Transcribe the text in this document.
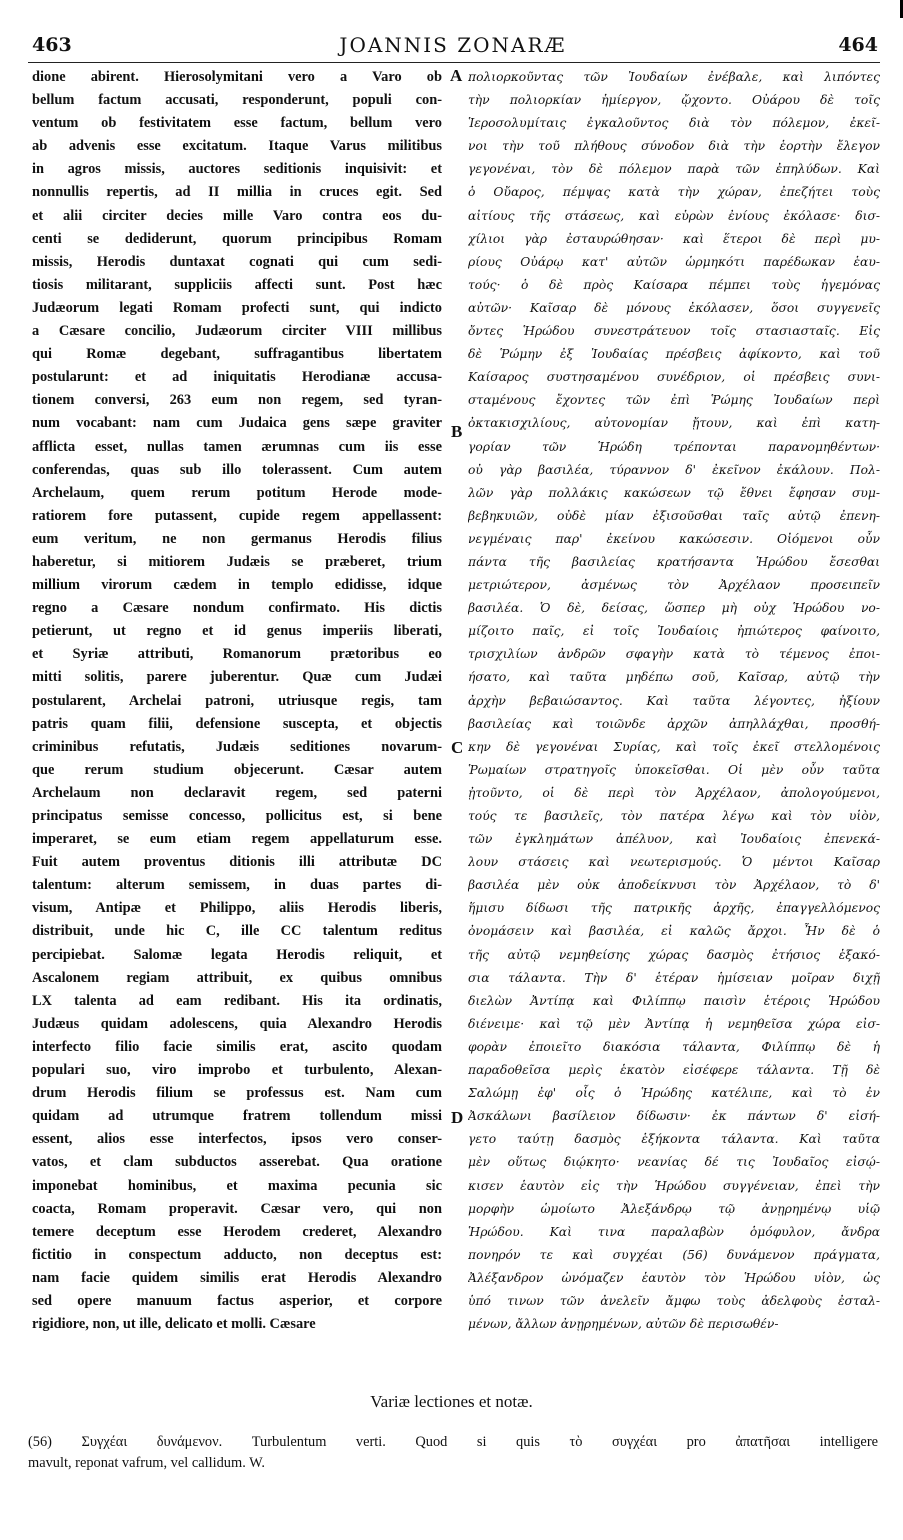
463	JOANNIS ZONARÆ	464
dione abirent. Hierosolymitani vero a Varo ob
bellum factum accusati, responderunt, populi con-
ventum ob festivitatem esse factum, bellum vero
ab advenis esse excitatum. Itaque Varus militibus
in agros missis, auctores seditionis inquisivit: et
nonnullis repertis, ad II millia in cruces egit. Sed
et alii circiter decies mille Varo contra eos du-
centi se dediderunt, quorum principibus Romam
missis, Herodis duntaxat cognati qui cum sedi-
tiosis militarant, suppliciis affecti sunt. Post hæc
Judæorum legati Romam profecti sunt, qui indicto
a Cæsare concilio, Judæorum circiter VIII millibus
qui Romæ degebant, suffragantibus libertatem
postularunt: et ad iniquitatis Herodianæ accusa-
tionem conversi, 263 eum non regem, sed tyran-
num vocabant: nam cum Judaica gens sæpe graviter
afflicta esset, nullas tamen ærumnas cum iis esse
conferendas, quas sub illo tolerassent. Cum autem
Archelaum, quem rerum potitum Herode mode-
ratiorem fore putassent, cupide regem appellassent:
eum veritum, ne non germanus Herodis filius
haberetur, si mitiorem Judæis se præberet, trium
millium virorum cædem in templo edidisse, idque
regno a Cæsare nondum confirmato. His dictis
petierunt, ut regno et id genus imperiis liberati,
et Syriæ attributi, Romanorum prætoribus eo
mitti solitis, parere juberentur. Quæ cum Judæi
postularent, Archelai patroni, utriusque regis, tam
patris quam filii, defensione suscepta, et objectis
criminibus refutatis, Judæis seditiones novarum-
que rerum studium objecerunt. Cæsar autem
Archelaum non declaravit regem, sed paterni
principatus semisse concesso, pollicitus est, si bene
imperaret, se eum etiam regem appellaturum esse.
Fuit autem proventus ditionis illi attributæ DC
talentum: alterum semissem, in duas partes di-
visum, Antipæ et Philippo, aliis Herodis liberis,
distribuit, unde hic C, ille CC talentum reditus
percipiebat. Salomæ legata Herodis reliquit, et
Ascalonem regiam attribuit, ex quibus omnibus
LX talenta ad eam redibant. His ita ordinatis,
Judæus quidam adolescens, quia Alexandro Herodis
interfecto filio facie similis erat, ascito quodam
populari suo, viro improbo et turbulento, Alexan-
drum Herodis filium se professus est. Nam cum
quidam ad utrumque fratrem tollendum missi
essent, alios esse interfectos, ipsos vero conser-
vatos, et clam subductos asserebat. Qua oratione
imponebat hominibus, et maxima pecunia sic
coacta, Romam properavit. Cæsar vero, qui non
temere deceptum esse Herodem crederet, Alexandro
fictitio in conspectum adducto, non deceptus est:
nam facie quidem similis erat Herodis Alexandro
sed opere manuum factus asperior, et corpore
rigidiore, non, ut ille, delicato et molli. Cæsare
πολιορκοῦντας τῶν Ἰουδαίων ἐνέβαλε, καὶ λιπόντες
τὴν πολιορκίαν ἡμίεργον, ᾤχοντο. Οὐάρου δὲ τοῖς
Ἱεροσολυμίταις ἐγκαλοῦντος διὰ τὸν πόλεμον, ἐκεῖ-
νοι τὴν τοῦ πλήθους σύνοδον διὰ τὴν ἑορτὴν ἔλεγον
γεγονέναι, τὸν δὲ πόλεμον παρὰ τῶν ἐπηλύδων. Καὶ
ὁ Οὔαρος, πέμψας κατὰ τὴν χώραν, ἐπεζήτει τοὺς
αἰτίους τῆς στάσεως, καὶ εὑρὼν ἐνίους ἐκόλασε· δισ-
χίλιοι γὰρ ἐσταυρώθησαν· καὶ ἕτεροι δὲ περὶ μυ-
ρίους Οὐάρῳ κατ' αὐτῶν ὡρμηκότι παρέδωκαν ἑαυ-
τούς· ὁ δὲ πρὸς Καίσαρα πέμπει τοὺς ἡγεμόνας
αὐτῶν· Καῖσαρ δὲ μόνους ἐκόλασεν, ὅσοι συγγενεῖς
ὄντες Ἡρώδου συνεστράτευον τοῖς στασιασταῖς. Εἰς
δὲ Ῥώμην ἐξ Ἰουδαίας πρέσβεις ἀφίκοντο, καὶ τοῦ
Καίσαρος συστησαμένου συνέδριον, οἱ πρέσβεις συνι-
σταμένους ἔχοντες τῶν ἐπὶ Ῥώμης Ἰουδαίων περὶ
ὀκτακισχιλίους, αὐτονομίαν ᾔτουν, καὶ ἐπὶ κατη-
γορίαν τῶν Ἡρώδη τρέπονται παρανομηθέντων·
οὐ γὰρ βασιλέα, τύραννον δ' ἐκεῖνον ἐκάλουν. Πολ-
λῶν γὰρ πολλάκις κακώσεων τῷ ἔθνει ἔφησαν συμ-
βεβηκυιῶν, οὐδὲ μίαν ἐξισοῦσθαι ταῖς αὐτῷ ἐπενη-
νεγμέναις παρ' ἐκείνου κακώσεσιν. Οἰόμενοι οὖν
πάντα τῆς βασιλείας κρατήσαντα Ἡρώδου ἔσεσθαι
μετριώτερον, ἀσμένως τὸν Ἀρχέλαον προσειπεῖν
βασιλέα. Ὁ δὲ, δείσας, ὥσπερ μὴ οὐχ Ἡρώδου νο-
μίζοιτο παῖς, εἰ τοῖς Ἰουδαίοις ἠπιώτερος φαίνοιτο,
τρισχιλίων ἀνδρῶν σφαγὴν κατὰ τὸ τέμενος ἐποι-
ήσατο, καὶ ταῦτα μηδέπω σοῦ, Καῖσαρ, αὐτῷ τὴν
ἀρχὴν βεβαιώσαντος. Καὶ ταῦτα λέγοντες, ἠξίουν
βασιλείας καὶ τοιῶνδε ἀρχῶν ἀπηλλάχθαι, προσθή-
κην δὲ γεγονέναι Συρίας, καὶ τοῖς ἐκεῖ στελλομένοις
Ῥωμαίων στρατηγοῖς ὑποκεῖσθαι. Οἱ μὲν οὖν ταῦτα
ᾐτοῦντο, οἱ δὲ περὶ τὸν Ἀρχέλαον, ἀπολογούμενοι,
τούς τε βασιλεῖς, τὸν πατέρα λέγω καὶ τὸν υἱὸν,
τῶν ἐγκλημάτων ἀπέλυον, καὶ Ἰουδαίοις ἐπενεκά-
λουν στάσεις καὶ νεωτερισμούς. Ὁ μέντοι Καῖσαρ
βασιλέα μὲν οὐκ ἀποδείκνυσι τὸν Ἀρχέλαον, τὸ δ'
ἥμισυ δίδωσι τῆς πατρικῆς ἀρχῆς, ἐπαγγελλόμενος
ὀνομάσειν καὶ βασιλέα, εἰ καλῶς ἄρχοι. Ἦν δὲ ὁ
τῆς αὐτῷ νεμηθείσης χώρας δασμὸς ἐτήσιος ἑξακό-
σια τάλαντα. Τὴν δ' ἑτέραν ἡμίσειαν μοῖραν διχῇ
διελὼν Ἀντίπᾳ καὶ Φιλίππῳ παισὶν ἑτέροις Ἡρώδου
διένειμε· καὶ τῷ μὲν Ἀντίπᾳ ἡ νεμηθεῖσα χώρα εἰσ-
φορὰν ἐποιεῖτο διακόσια τάλαντα, Φιλίππῳ δὲ ἡ
παραδοθεῖσα μερὶς ἑκατὸν εἰσέφερε τάλαντα. Τῇ δὲ
Σαλώμῃ ἐφ' οἷς ὁ Ἡρώδης κατέλιπε, καὶ τὸ ἐν
Ἀσκάλωνι βασίλειον δίδωσιν· ἐκ πάντων δ' εἰσή-
γετο ταύτῃ δασμὸς ἑξήκοντα τάλαντα. Καὶ ταῦτα
μὲν οὕτως διῴκητο· νεανίας δέ τις Ἰουδαῖος εἰσῴ-
κισεν ἑαυτὸν εἰς τὴν Ἡρώδου συγγένειαν, ἐπεὶ τὴν
μορφὴν ὡμοίωτο Ἀλεξάνδρῳ τῷ ἀνῃρημένῳ υἱῷ
Ἡρώδου. Καὶ τινα παραλαβὼν ὁμόφυλον, ἄνδρα
πονηρόν τε καὶ συγχέαι (56) δυνάμενον πράγματα,
Ἀλέξανδρον ὠνόμαζεν ἑαυτὸν τὸν Ἡρώδου υἱὸν, ὡς
ὑπό τινων τῶν ἀνελεῖν ἄμφω τοὺς ἀδελφοὺς ἐσταλ-
μένων, ἄλλων ἀνῃρημένων, αὐτῶν δὲ περισωθέν-
A
B
C
D
Variæ lectiones et notæ.
(56) Συγχέαι δυνάμενον. Turbulentum verti. Quod si quis τὸ συγχέαι pro ἀπατῆσαι intelligere
mavult, reponat vafrum, vel callidum. W.
